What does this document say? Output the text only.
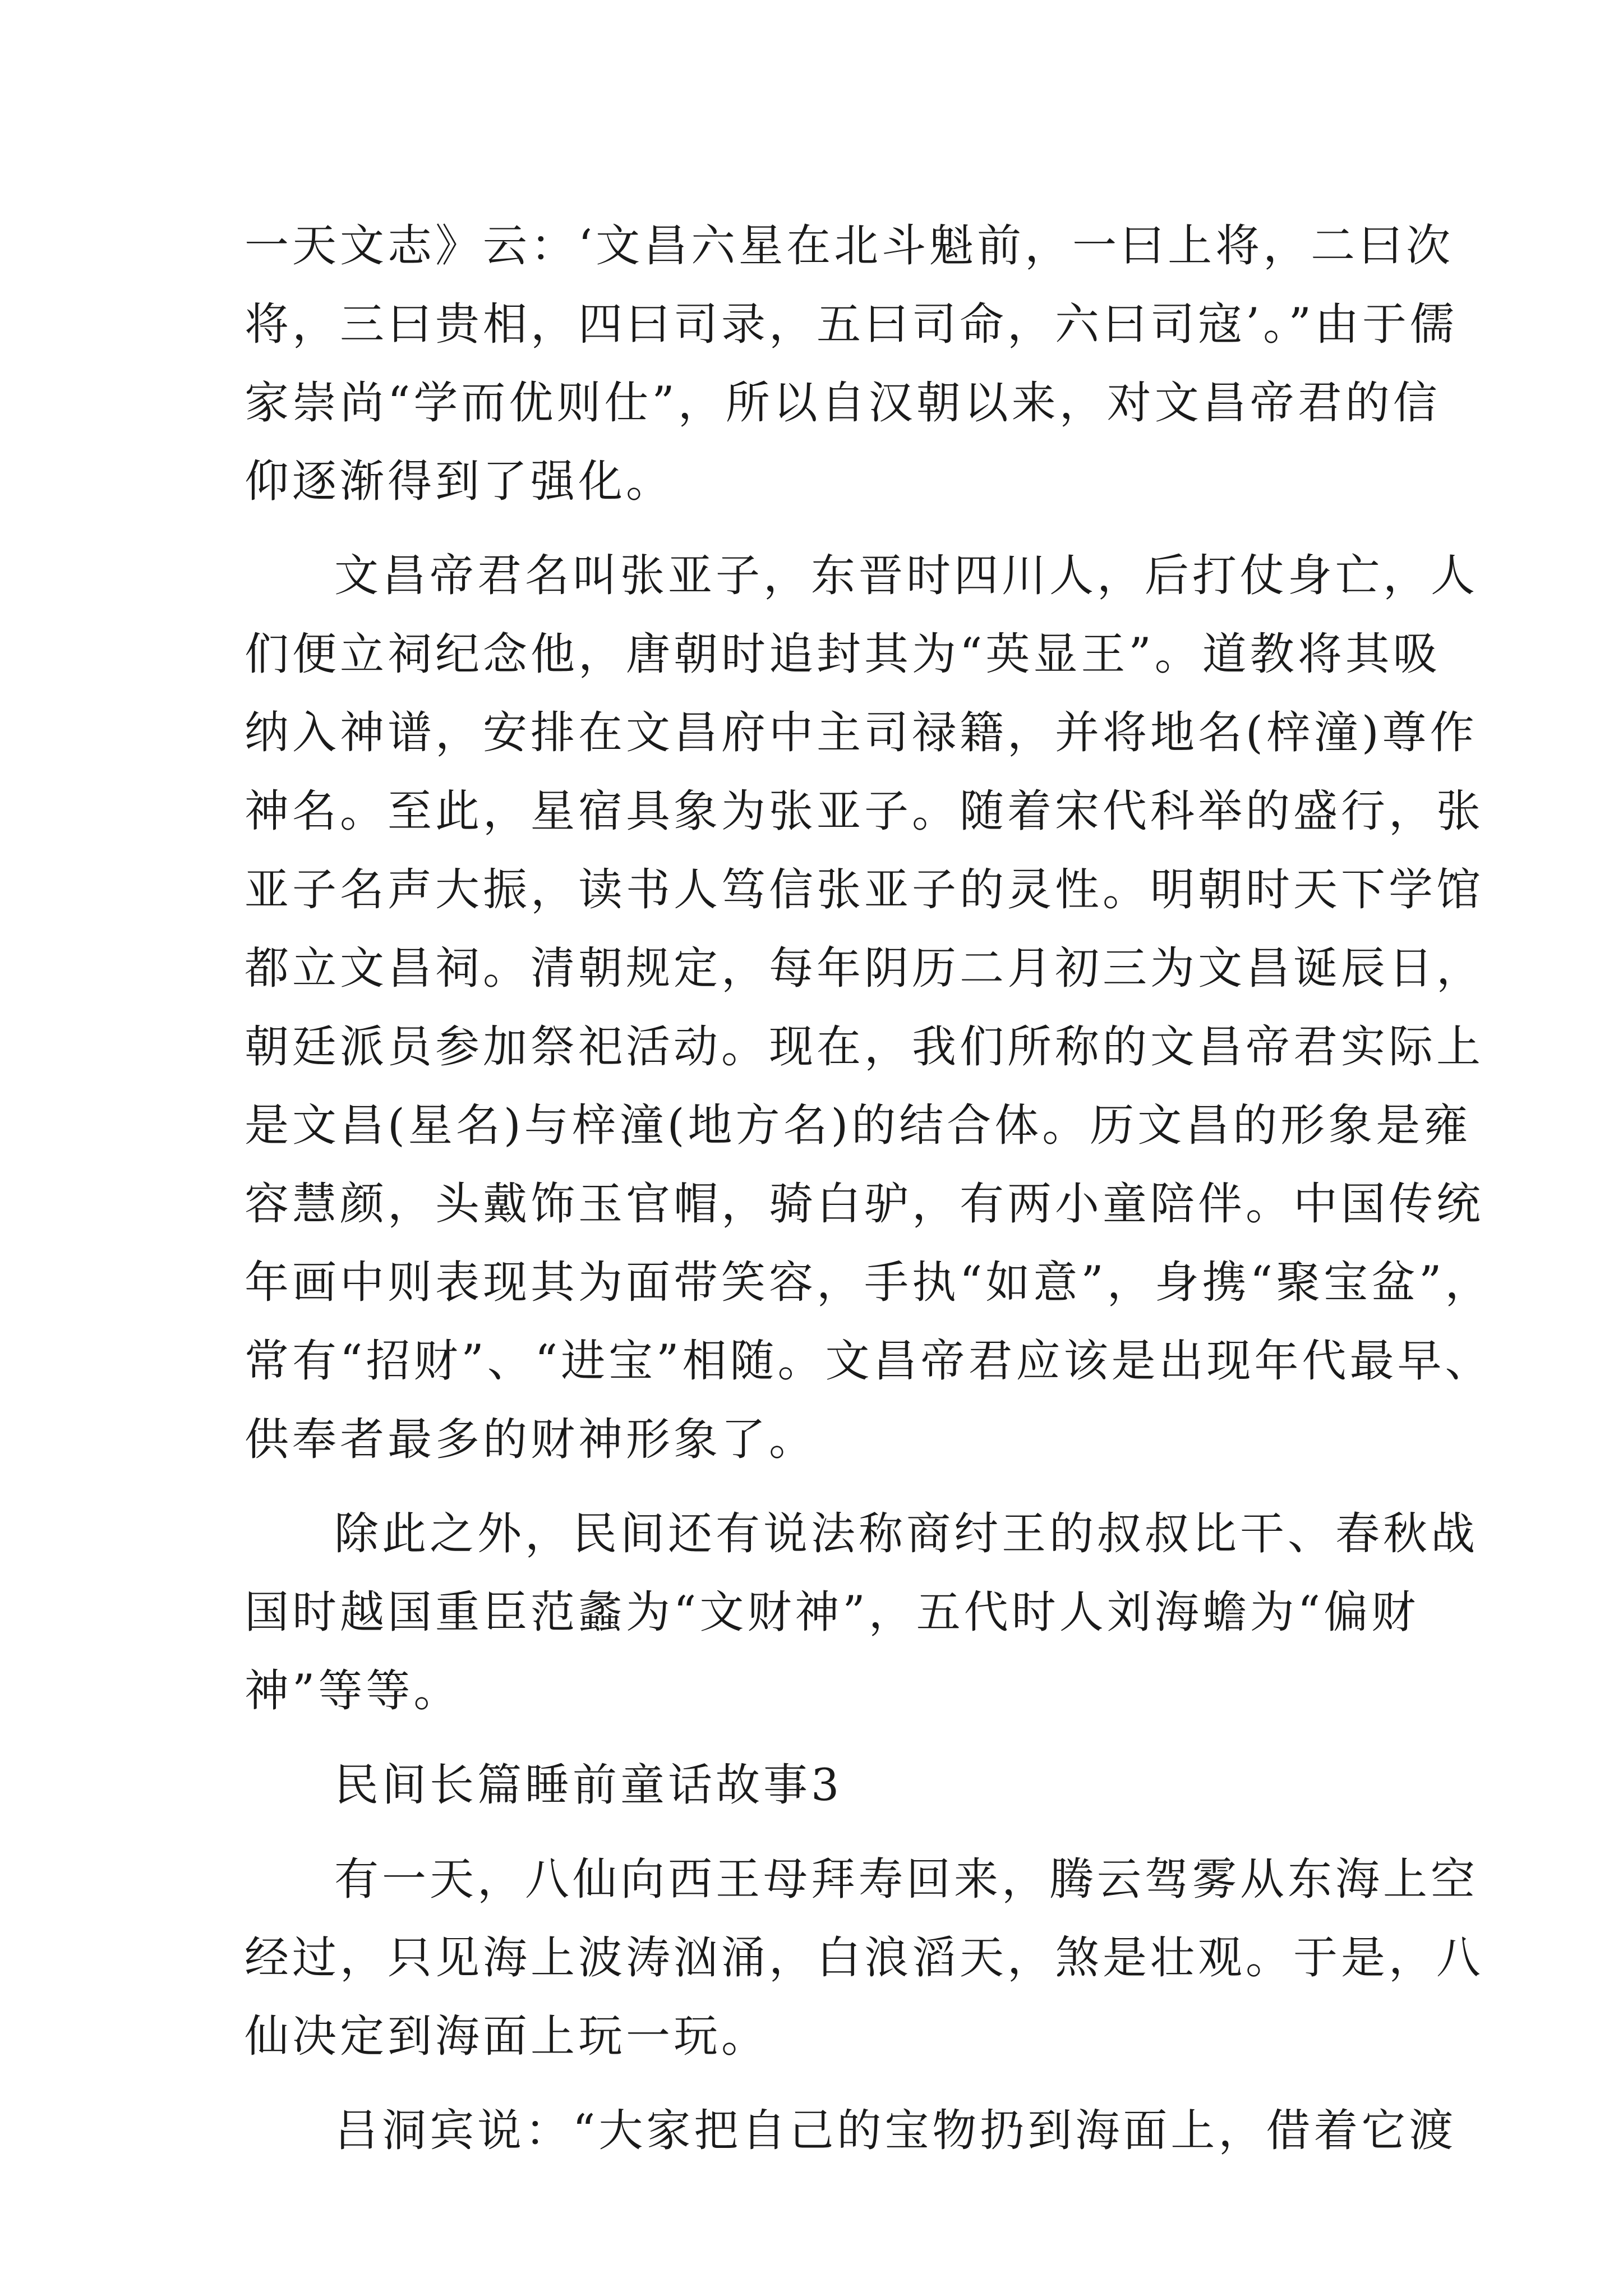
一天文志》云：‘文昌六星在北斗魁前，一曰上将，二曰次
将，三曰贵相，四曰司录，五曰司命，六曰司寇’。”由于儒
家崇尚“学而优则仕”，所以自汉朝以来，对文昌帝君的信
仰逐渐得到了强化。
文昌帝君名叫张亚子，东晋时四川人，后打仗身亡，人
们便立祠纪念他，唐朝时追封其为“英显王”。道教将其吸
纳入神谱，安排在文昌府中主司禄籍，并将地名(梓潼)尊作
神名。至此，星宿具象为张亚子。随着宋代科举的盛行，张
亚子名声大振，读书人笃信张亚子的灵性。明朝时天下学馆
都立文昌祠。清朝规定，每年阴历二月初三为文昌诞辰日，
朝廷派员参加祭祀活动。现在，我们所称的文昌帝君实际上
是文昌(星名)与梓潼(地方名)的结合体。历文昌的形象是雍
容慧颜，头戴饰玉官帽，骑白驴，有两小童陪伴。中国传统
年画中则表现其为面带笑容，手执“如意”，身携“聚宝盆”，
常有“招财”、“进宝”相随。文昌帝君应该是出现年代最早、
供奉者最多的财神形象了。
除此之外，民间还有说法称商纣王的叔叔比干、春秋战
国时越国重臣范蠡为“文财神”，五代时人刘海蟾为“偏财
神”等等。
民间长篇睡前童话故事3
有一天，八仙向西王母拜寿回来，腾云驾雾从东海上空
经过，只见海上波涛汹涌，白浪滔天，煞是壮观。于是，八
仙决定到海面上玩一玩。
吕洞宾说：“大家把自己的宝物扔到海面上，借着它渡
